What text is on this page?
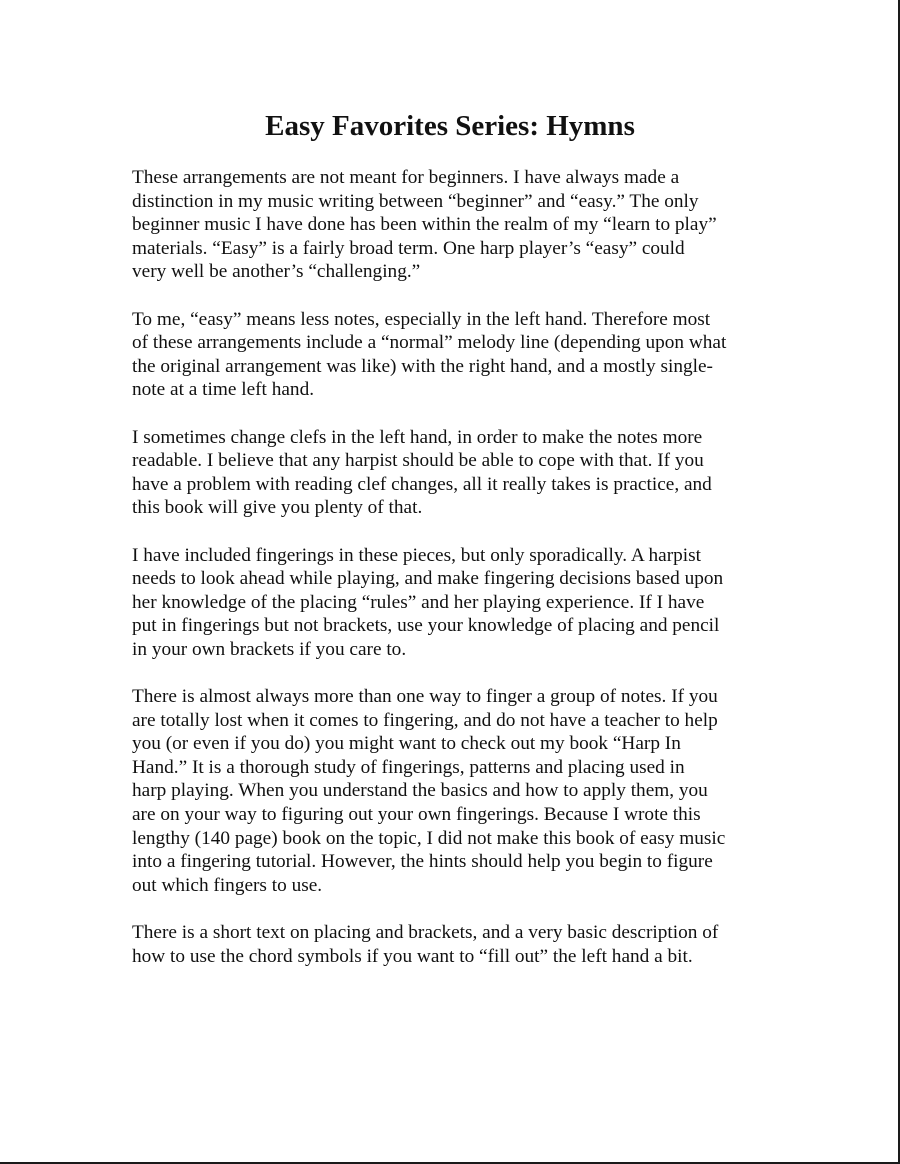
Easy Favorites Series: Hymns

These arrangements are not meant for beginners. I have always made a
distinction in my music writing between “beginner” and “easy.” The only
beginner music I have done has been within the realm of my “learn to play”
materials. “Easy” is a fairly broad term. One harp player’s “easy” could
very well be another’s “challenging.”

To me, “easy” means less notes, especially in the left hand. Therefore most
of these arrangements include a “normal” melody line (depending upon what
the original arrangement was like) with the right hand, and a mostly single-
note at a time left hand.

I sometimes change clefs in the left hand, in order to make the notes more
readable. I believe that any harpist should be able to cope with that. If you
have a problem with reading clef changes, all it really takes is practice, and
this book will give you plenty of that.

I have included fingerings in these pieces, but only sporadically. A harpist
needs to look ahead while playing, and make fingering decisions based upon
her knowledge of the placing “rules” and her playing experience. If I have
put in fingerings but not brackets, use your knowledge of placing and pencil
in your own brackets if you care to.

There is almost always more than one way to finger a group of notes. If you
are totally lost when it comes to fingering, and do not have a teacher to help
you (or even if you do) you might want to check out my book “Harp In
Hand.” It is a thorough study of fingerings, patterns and placing used in
harp playing. When you understand the basics and how to apply them, you
are on your way to figuring out your own fingerings. Because I wrote this
lengthy (140 page) book on the topic, I did not make this book of easy music
into a fingering tutorial. However, the hints should help you begin to figure
out which fingers to use.

There is a short text on placing and brackets, and a very basic description of
how to use the chord symbols if you want to “fill out” the left hand a bit.
